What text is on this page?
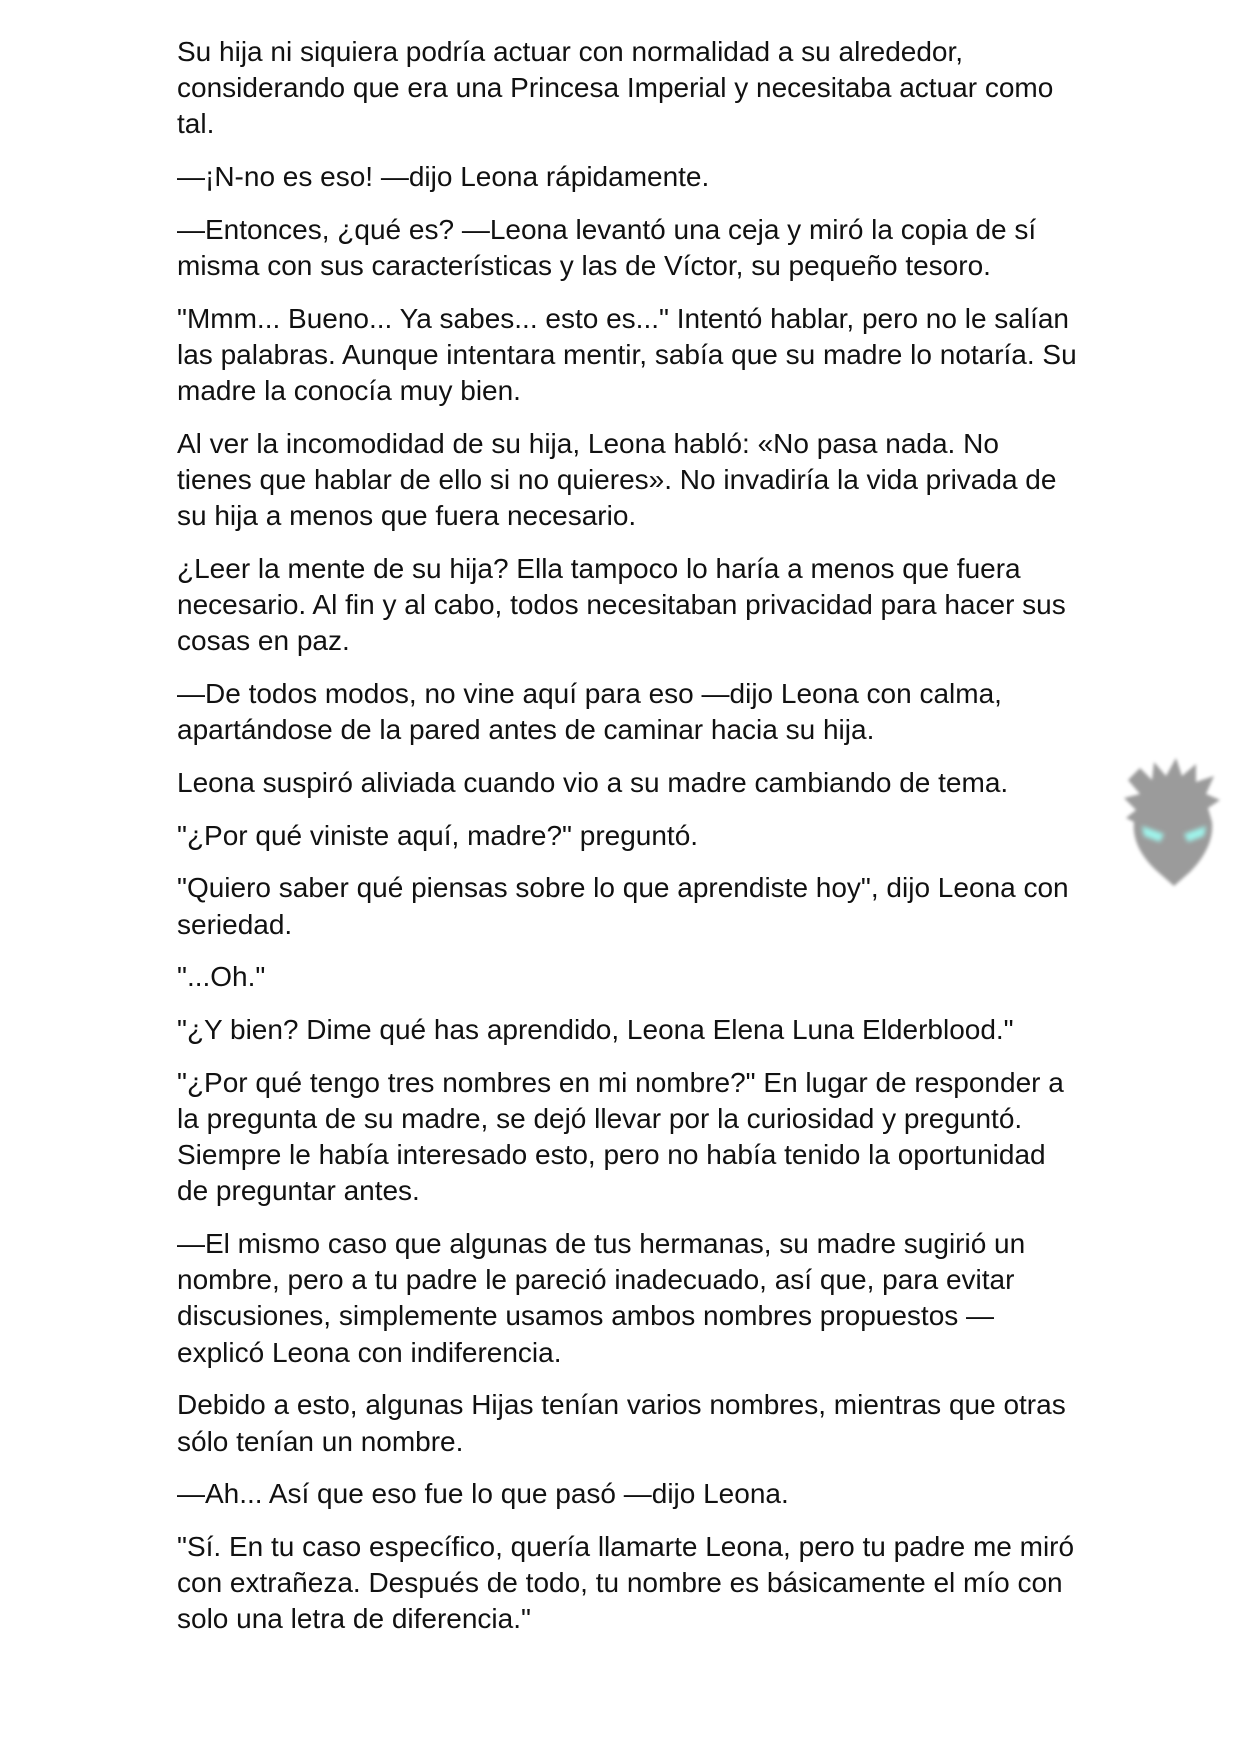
Su hija ni siquiera podría actuar con normalidad a su alrededor, considerando que era una Princesa Imperial y necesitaba actuar como tal.

—¡N-no es eso! —dijo Leona rápidamente.

—Entonces, ¿qué es? —Leona levantó una ceja y miró la copia de sí misma con sus características y las de Víctor, su pequeño tesoro.

"Mmm... Bueno... Ya sabes... esto es..." Intentó hablar, pero no le salían las palabras. Aunque intentara mentir, sabía que su madre lo notaría. Su madre la conocía muy bien.

Al ver la incomodidad de su hija, Leona habló: «No pasa nada. No tienes que hablar de ello si no quieres». No invadiría la vida privada de su hija a menos que fuera necesario.

¿Leer la mente de su hija? Ella tampoco lo haría a menos que fuera necesario. Al fin y al cabo, todos necesitaban privacidad para hacer sus cosas en paz.

—De todos modos, no vine aquí para eso —dijo Leona con calma, apartándose de la pared antes de caminar hacia su hija.

Leona suspiró aliviada cuando vio a su madre cambiando de tema.

"¿Por qué viniste aquí, madre?" preguntó.

"Quiero saber qué piensas sobre lo que aprendiste hoy", dijo Leona con seriedad.

"...Oh."

"¿Y bien? Dime qué has aprendido, Leona Elena Luna Elderblood."

"¿Por qué tengo tres nombres en mi nombre?" En lugar de responder a la pregunta de su madre, se dejó llevar por la curiosidad y preguntó. Siempre le había interesado esto, pero no había tenido la oportunidad de preguntar antes.

—El mismo caso que algunas de tus hermanas, su madre sugirió un nombre, pero a tu padre le pareció inadecuado, así que, para evitar discusiones, simplemente usamos ambos nombres propuestos —explicó Leona con indiferencia.

Debido a esto, algunas Hijas tenían varios nombres, mientras que otras sólo tenían un nombre.

—Ah... Así que eso fue lo que pasó —dijo Leona.

"Sí. En tu caso específico, quería llamarte Leona, pero tu padre me miró con extrañeza. Después de todo, tu nombre es básicamente el mío con solo una letra de diferencia."
